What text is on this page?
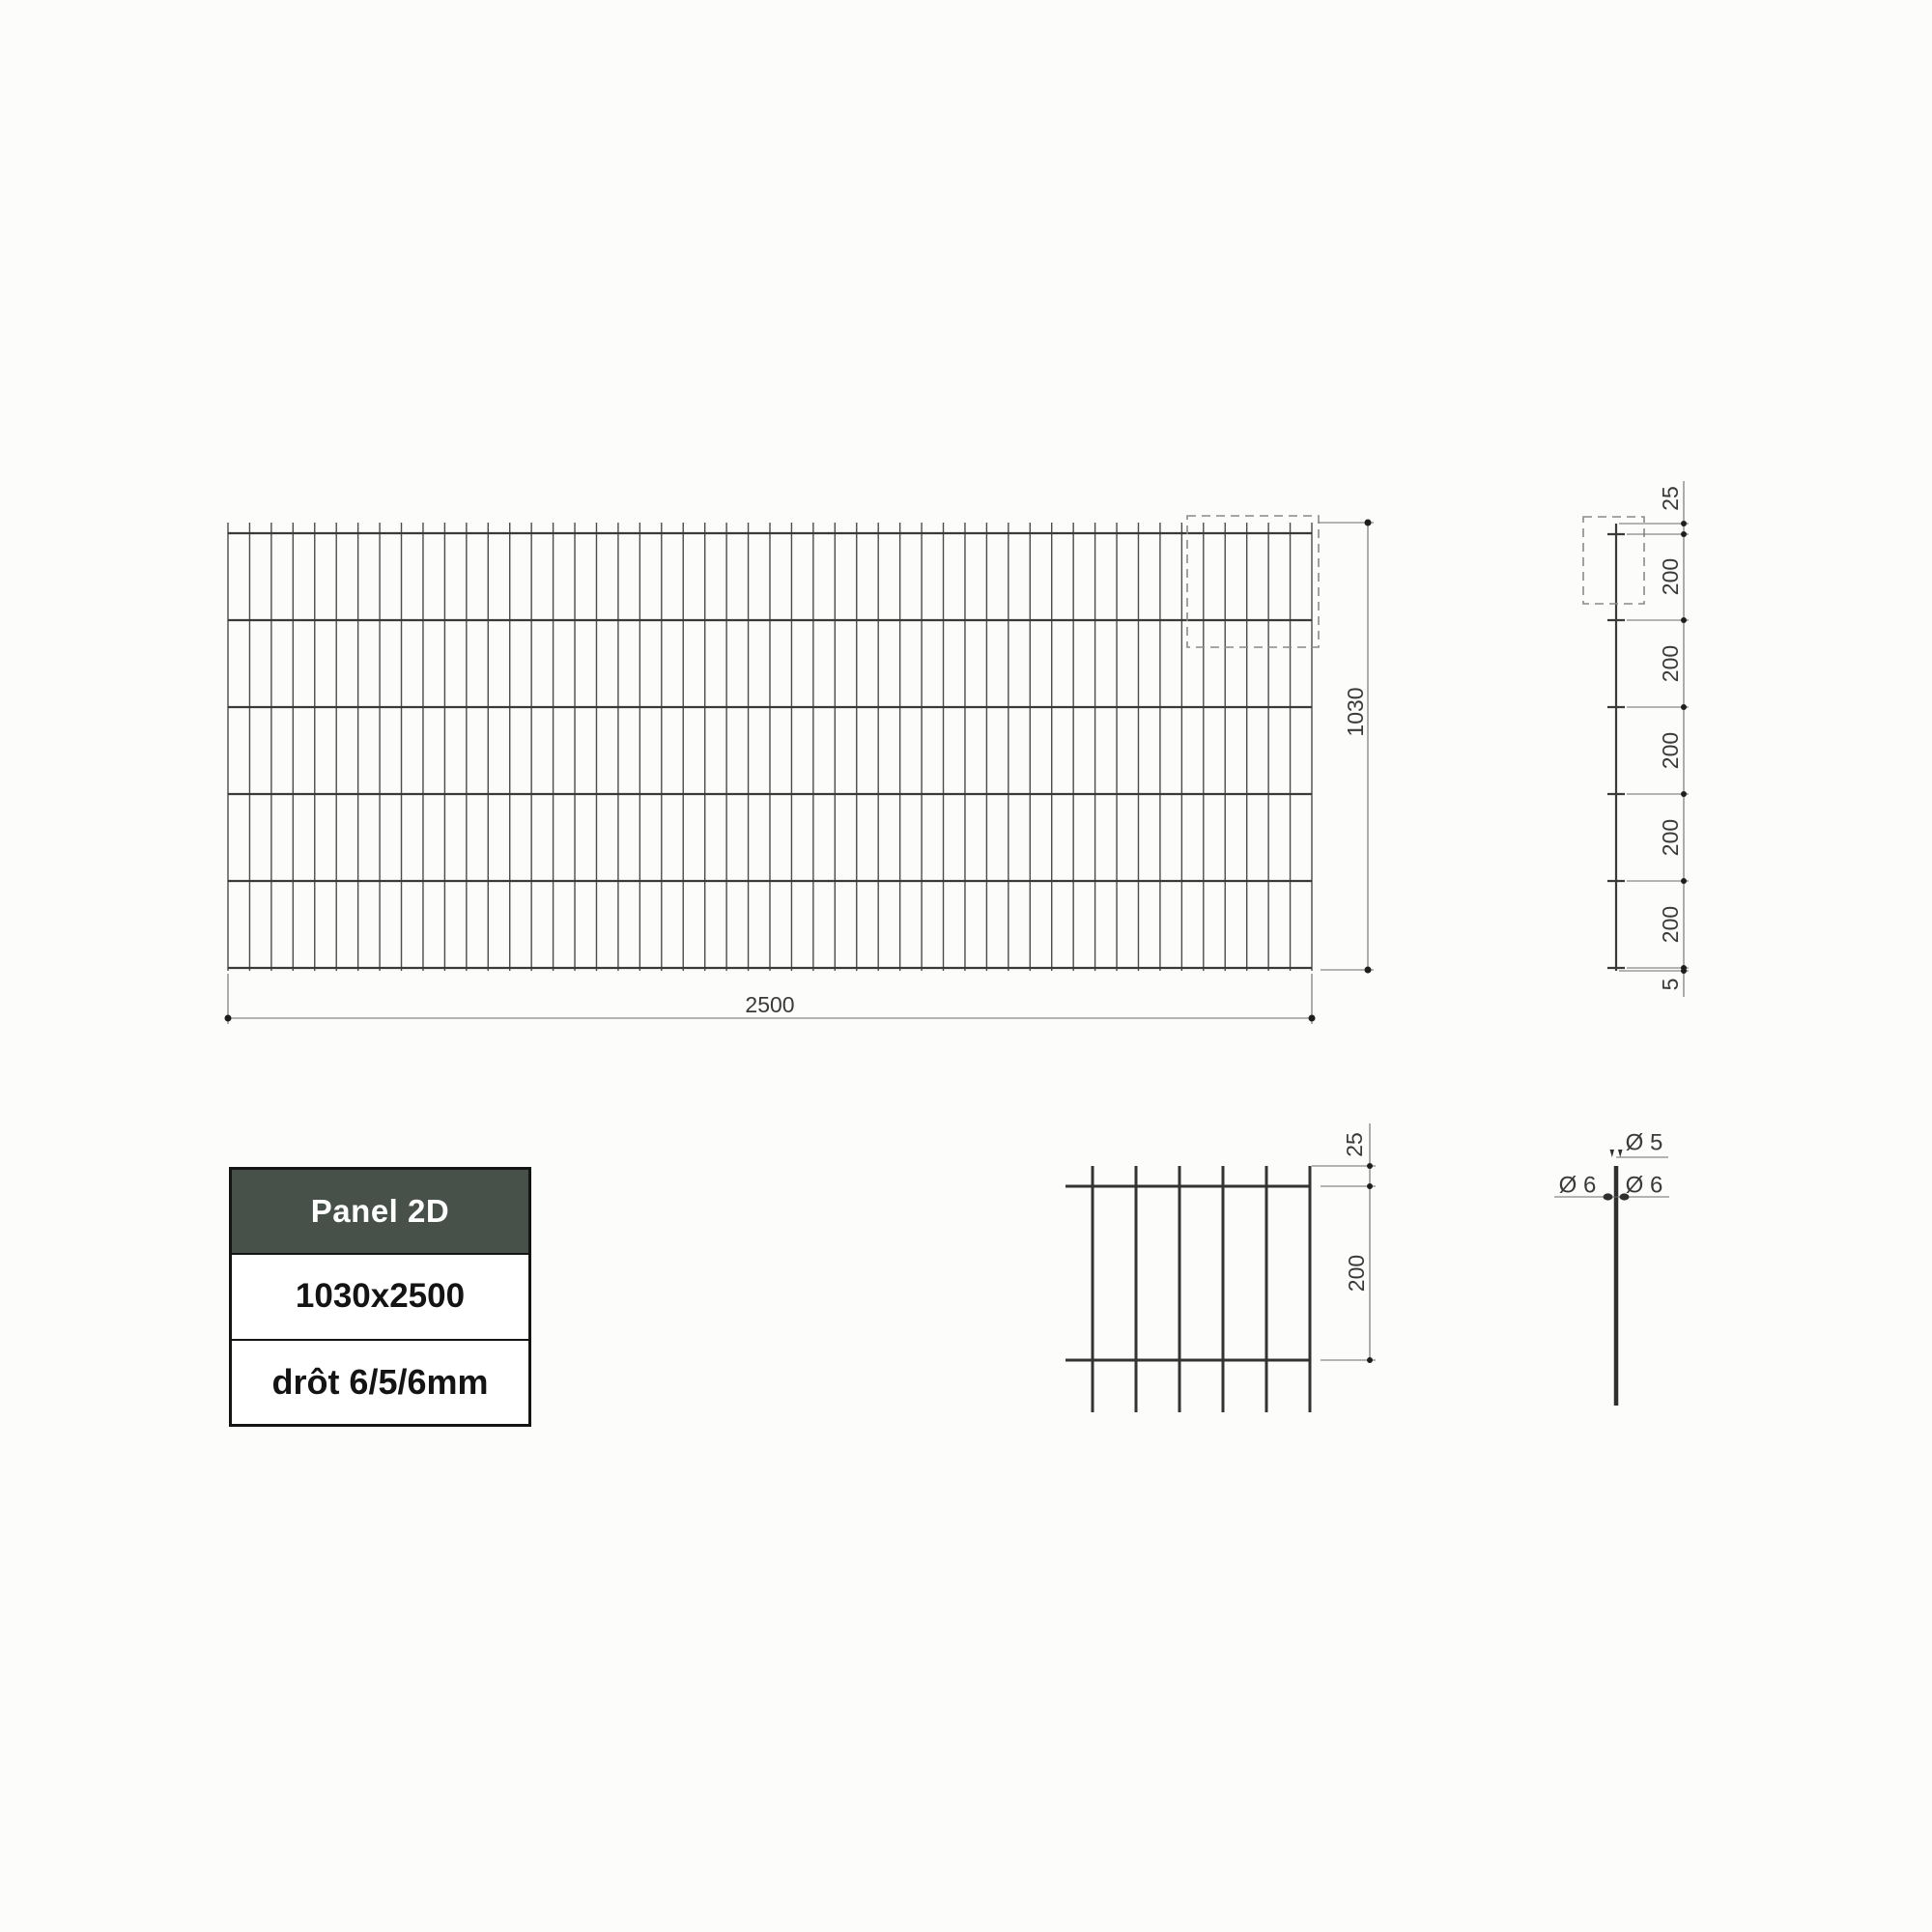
2500
1030
25
200
200
200
200
200
5
25
200
Ø 5
Ø 6 Ø 6
Panel 2D
1030x2500
drôt 6/5/6mm
